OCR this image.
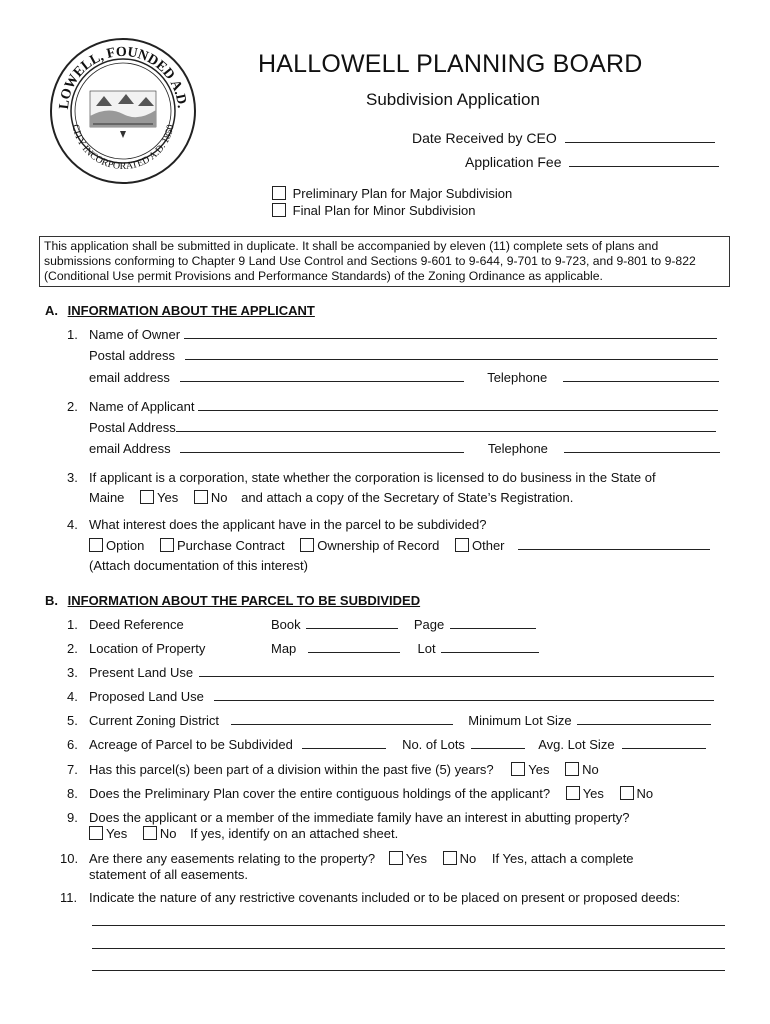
LOWELL, FOUNDED A.D.
CITY INCORPORATED A.D. 1850
HALLOWELL PLANNING BOARD
Subdivision Application
Date Received by CEO
Application Fee
Preliminary Plan for Major Subdivision
Final Plan for Minor Subdivision
This application shall be submitted in duplicate. It shall be accompanied by eleven (11) complete sets of plans and submissions conforming to Chapter 9 Land Use Control and Sections 9-601 to 9-644, 9-701 to 9-723, and 9-801 to 9-822 (Conditional Use permit Provisions and Performance Standards) of the Zoning Ordinance as applicable.
A. INFORMATION ABOUT THE APPLICANT
1. Name of Owner
Postal address
email address	Telephone
2. Name of Applicant
Postal Address
email Address	Telephone
3. If applicant is a corporation, state whether the corporation is licensed to do business in the State of
Maine	Yes	No and attach a copy of the Secretary of State’s Registration.
4. What interest does the applicant have in the parcel to be subdivided?
Option	Purchase Contract	Ownership of Record	Other
(Attach documentation of this interest)
B. INFORMATION ABOUT THE PARCEL TO BE SUBDIVIDED
1. Deed Reference	Book	Page
2. Location of Property	Map	Lot
3. Present Land Use
4. Proposed Land Use
5. Current Zoning District	Minimum Lot Size
6. Acreage of Parcel to be Subdivided	No. of Lots	Avg. Lot Size
7. Has this parcel(s) been part of a division within the past five (5) years?	Yes	No
8. Does the Preliminary Plan cover the entire contiguous holdings of the applicant?	Yes	No
9. Does the applicant or a member of the immediate family have an interest in abutting property?
Yes	No If yes, identify on an attached sheet.
10. Are there any easements relating to the property? Yes	No If Yes, attach a complete
statement of all easements.
11. Indicate the nature of any restrictive covenants included or to be placed on present or proposed deeds:
